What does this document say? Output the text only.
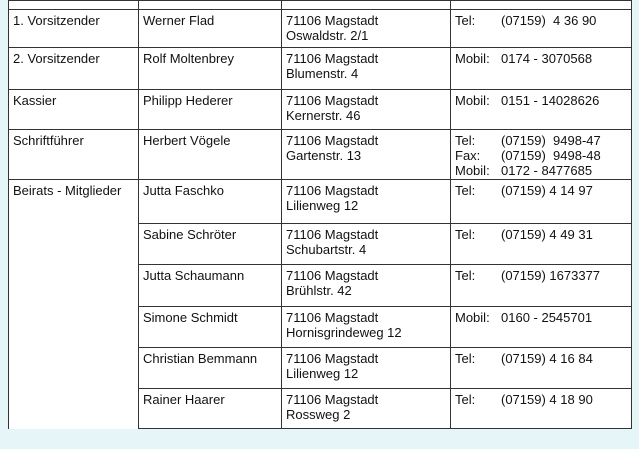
1. Vorsitzender	Werner Flad	71106 Magstadt
Oswaldstr. 2/1	Tel: (07159)  4 36 90

2. Vorsitzender	Rolf Moltenbrey	71106 Magstadt
Blumenstr. 4	Mobil: 0174 - 3070568

Kassier	Philipp Hederer	71106 Magstadt
Kernerstr. 46	Mobil: 0151 - 14028626

Schriftführer	Herbert Vögele	71106 Magstadt
Gartenstr. 13	Tel: (07159)  9498-47
Fax: (07159)  9498-48
Mobil: 0172 - 8477685

Beirats - Mitglieder	Jutta Faschko	71106 Magstadt
Lilienweg 12	Tel: (07159) 4 14 97

	Sabine Schröter	71106 Magstadt
Schubartstr. 4	Tel: (07159) 4 49 31

	Jutta Schaumann	71106 Magstadt
Brühlstr. 42	Tel: (07159) 1673377

	Simone Schmidt	71106 Magstadt
Hornisgrindeweg 12	Mobil: 0160 - 2545701

	Christian Bemmann	71106 Magstadt
Lilienweg 12	Tel: (07159) 4 16 84

	Rainer Haarer	71106 Magstadt
Rossweg 2	Tel: (07159) 4 18 90
